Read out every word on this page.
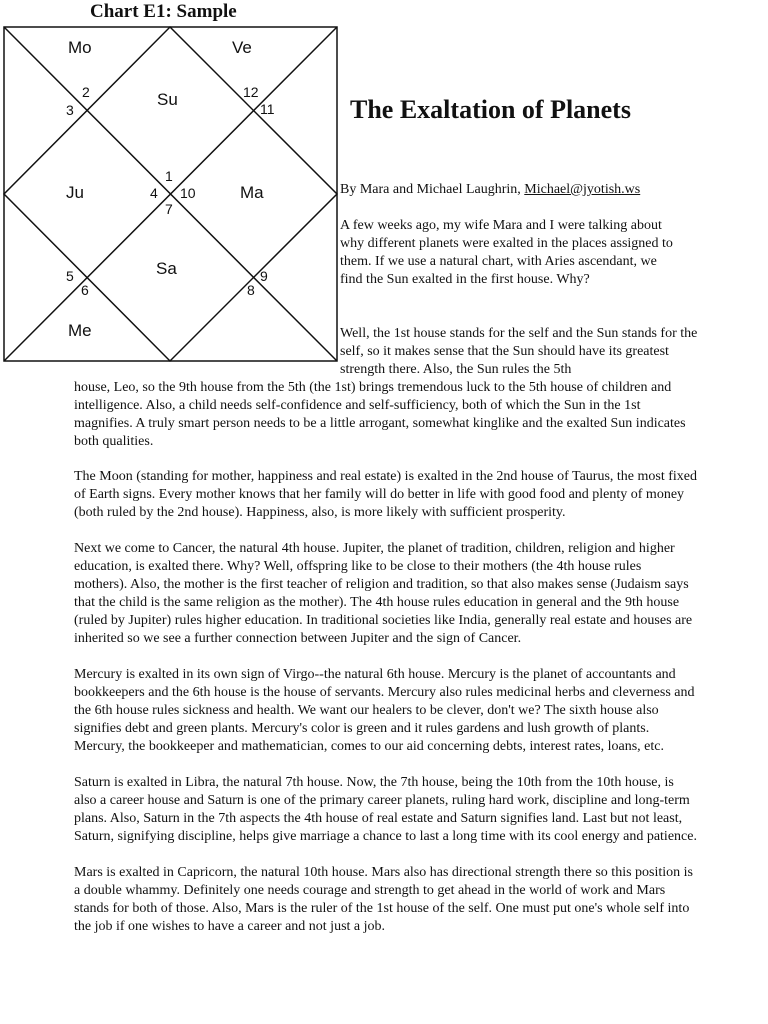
Chart E1: Sample
Mo	Ve
Su
Ju	Ma
Sa
Me
1
2
3
4
5
6
7
8
9
10
11
12
The Exaltation of Planets
By Mara and Michael Laughrin, Michael@jyotish.ws
A few weeks ago, my wife Mara and I were talking about why different planets were exalted in the places assigned to them. If we use a natural chart, with Aries ascendant, we find the Sun exalted in the first house. Why?
Well, the 1st house stands for the self and the Sun stands for the self, so it makes sense that the Sun should have its greatest strength there. Also, the Sun rules the 5th
house, Leo, so the 9th house from the 5th (the 1st) brings tremendous luck to the 5th house of children and intelligence. Also, a child needs self-confidence and self-sufficiency, both of which the Sun in the 1st magnifies. A truly smart person needs to be a little arrogant, somewhat kinglike and the exalted Sun indicates both qualities.

The Moon (standing for mother, happiness and real estate) is exalted in the 2nd house of Taurus, the most fixed of Earth signs. Every mother knows that her family will do better in life with good food and plenty of money (both ruled by the 2nd house). Happiness, also, is more likely with sufficient prosperity.

Next we come to Cancer, the natural 4th house. Jupiter, the planet of tradition, children, religion and higher education, is exalted there. Why? Well, offspring like to be close to their mothers (the 4th house rules mothers). Also, the mother is the first teacher of religion and tradition, so that also makes sense (Judaism says that the child is the same religion as the mother). The 4th house rules education in general and the 9th house (ruled by Jupiter) rules higher education. In traditional societies like India, generally real estate and houses are inherited so we see a further connection between Jupiter and the sign of Cancer.

Mercury is exalted in its own sign of Virgo--the natural 6th house. Mercury is the planet of accountants and bookkeepers and the 6th house is the house of servants. Mercury also rules medicinal herbs and cleverness and the 6th house rules sickness and health. We want our healers to be clever, don't we? The sixth house also signifies debt and green plants. Mercury's color is green and it rules gardens and lush growth of plants. Mercury, the bookkeeper and mathematician, comes to our aid concerning debts, interest rates, loans, etc.

Saturn is exalted in Libra, the natural 7th house. Now, the 7th house, being the 10th from the 10th house, is also a career house and Saturn is one of the primary career planets, ruling hard work, discipline and long-term plans. Also, Saturn in the 7th aspects the 4th house of real estate and Saturn signifies land. Last but not least, Saturn, signifying discipline, helps give marriage a chance to last a long time with its cool energy and patience.

Mars is exalted in Capricorn, the natural 10th house. Mars also has directional strength there so this position is a double whammy. Definitely one needs courage and strength to get ahead in the world of work and Mars stands for both of those. Also, Mars is the ruler of the 1st house of the self. One must put one's whole self into the job if one wishes to have a career and not just a job.
